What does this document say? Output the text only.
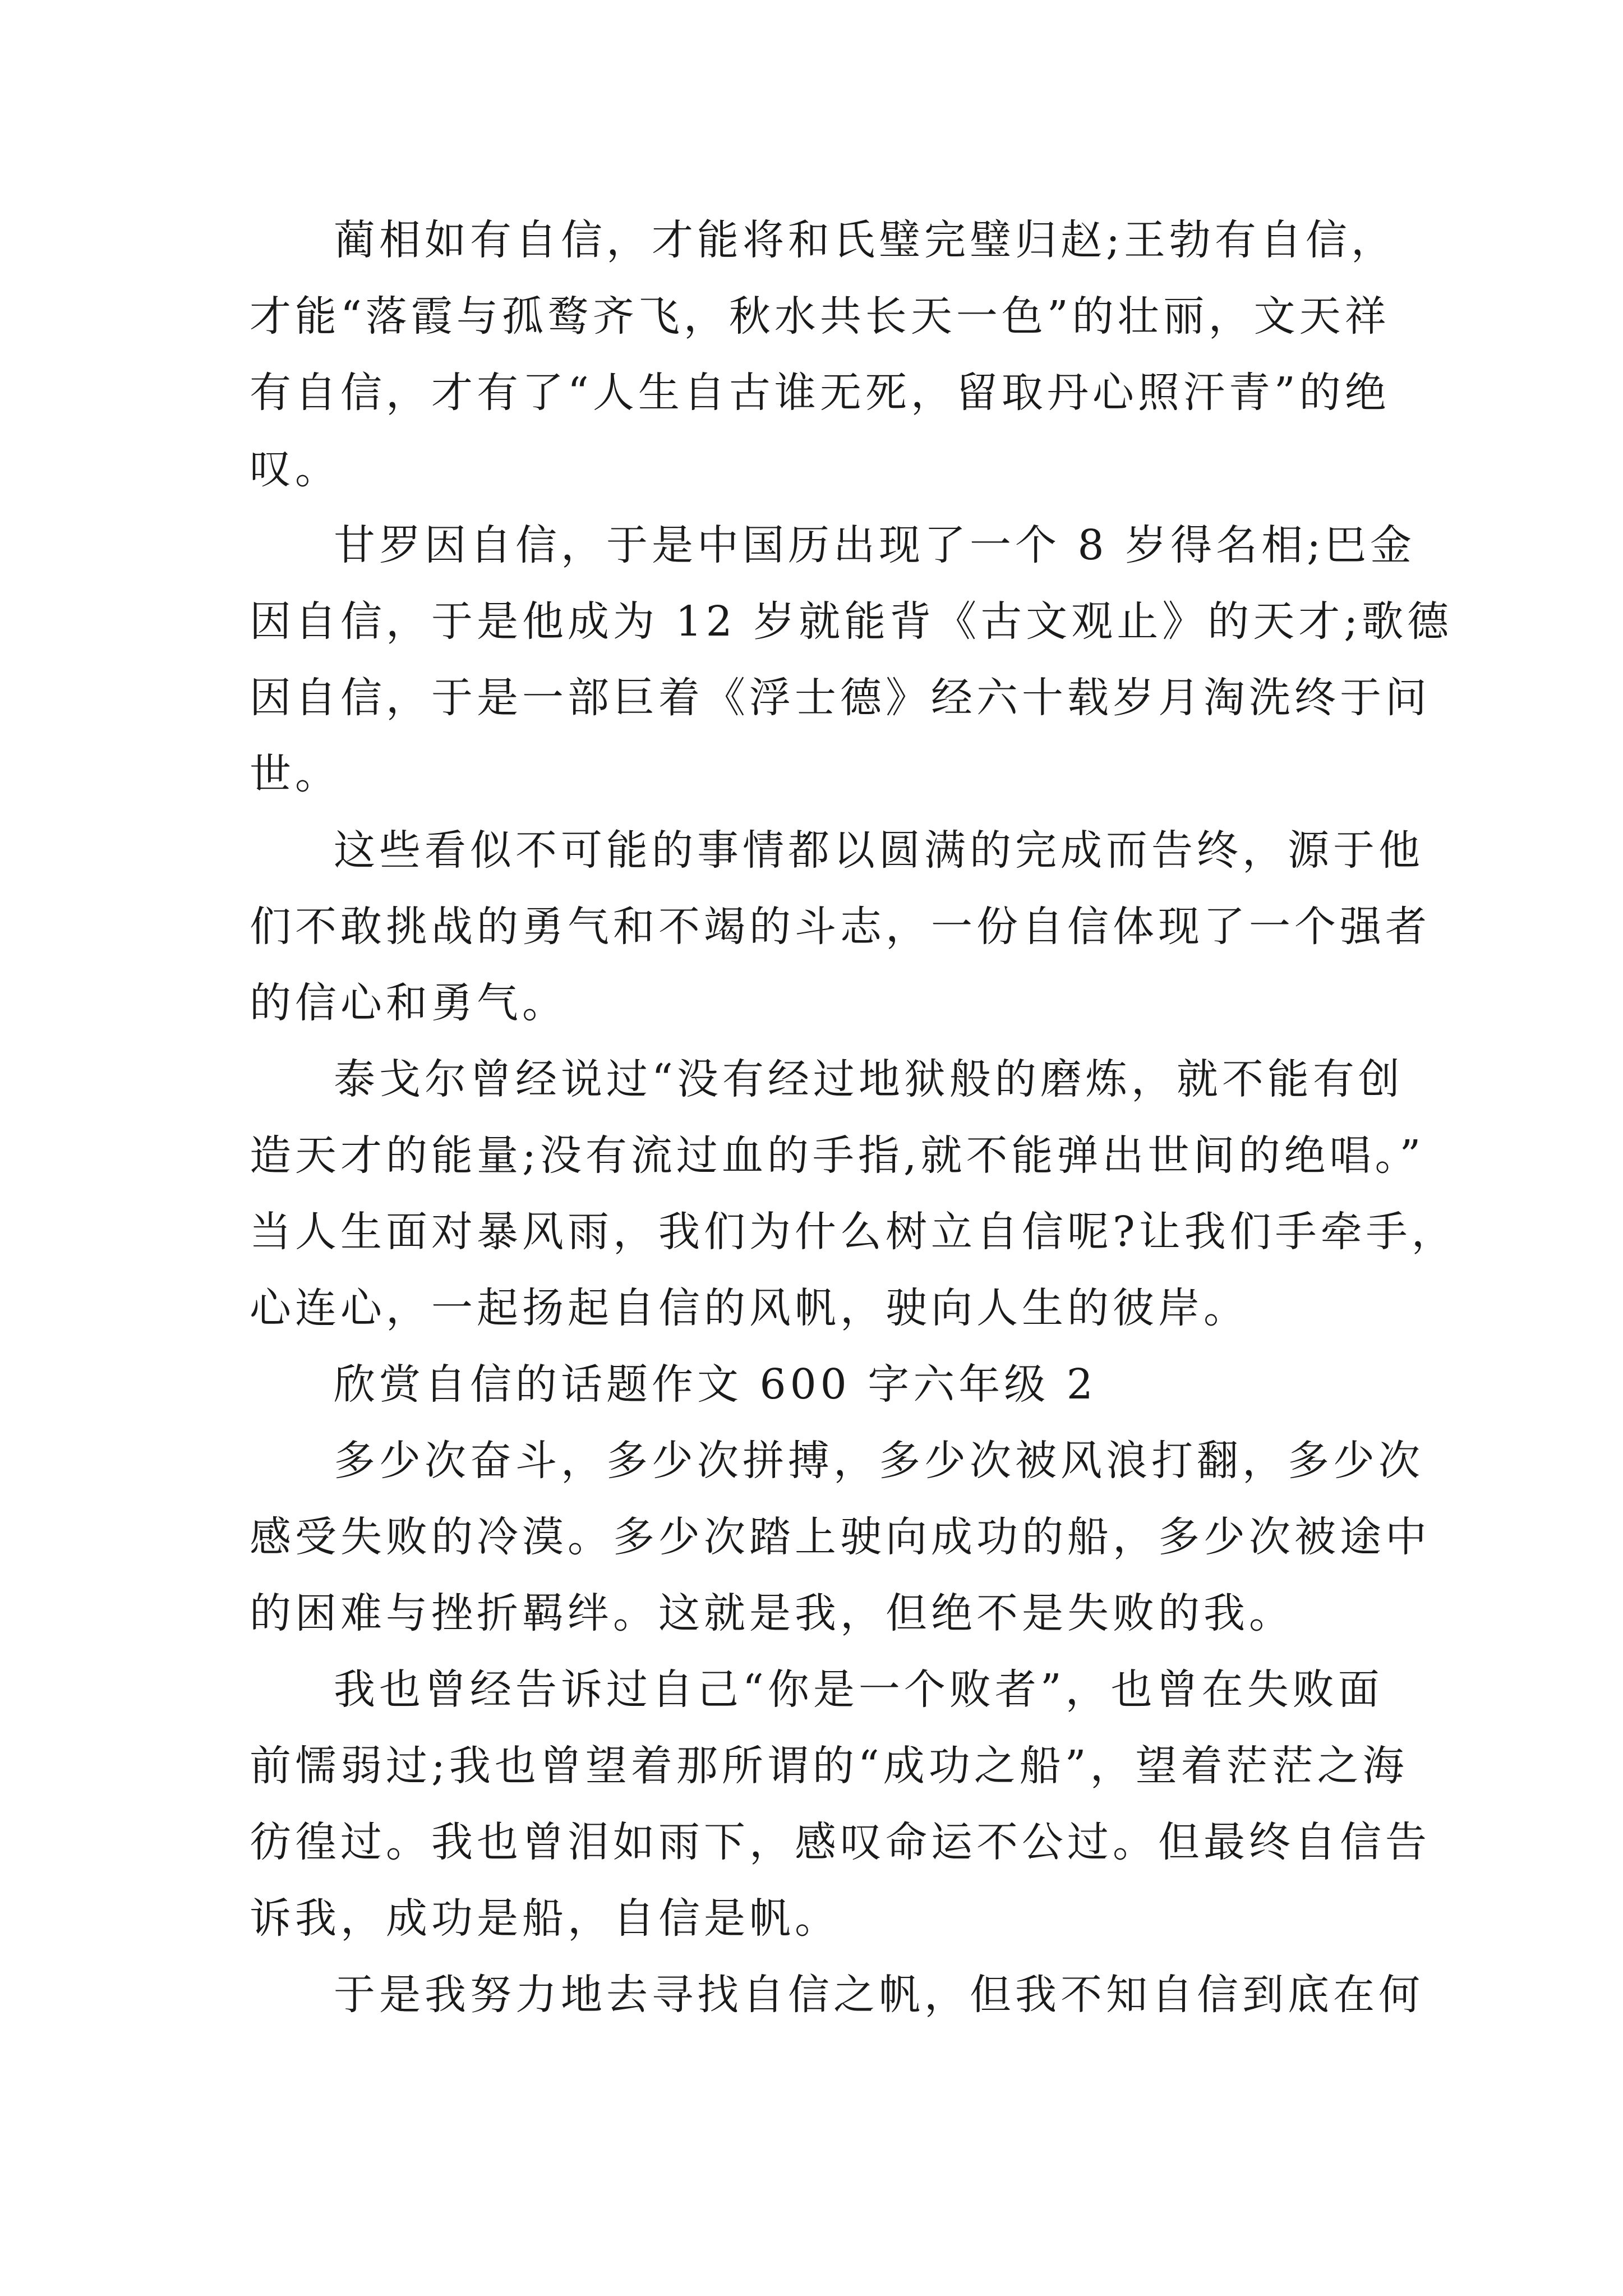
蔺相如有自信，才能将和氏璧完璧归赵;王勃有自信，
才能“落霞与孤鹜齐飞，秋水共长天一色”的壮丽，文天祥
有自信，才有了“人生自古谁无死，留取丹心照汗青”的绝
叹。
甘罗因自信，于是中国历出现了一个 8 岁得名相;巴金
因自信，于是他成为 12 岁就能背《古文观止》的天才;歌德
因自信，于是一部巨着《浮士德》经六十载岁月淘洗终于问
世。
这些看似不可能的事情都以圆满的完成而告终，源于他
们不敢挑战的勇气和不竭的斗志，一份自信体现了一个强者
的信心和勇气。
泰戈尔曾经说过“没有经过地狱般的磨炼，就不能有创
造天才的能量;没有流过血的手指,就不能弹出世间的绝唱。”
当人生面对暴风雨，我们为什么树立自信呢?让我们手牵手，
心连心，一起扬起自信的风帆，驶向人生的彼岸。
欣赏自信的话题作文 600 字六年级 2
多少次奋斗，多少次拼搏，多少次被风浪打翻，多少次
感受失败的冷漠。多少次踏上驶向成功的船，多少次被途中
的困难与挫折羁绊。这就是我，但绝不是失败的我。
我也曾经告诉过自己“你是一个败者”，也曾在失败面
前懦弱过;我也曾望着那所谓的“成功之船”，望着茫茫之海
彷徨过。我也曾泪如雨下，感叹命运不公过。但最终自信告
诉我，成功是船，自信是帆。
于是我努力地去寻找自信之帆，但我不知自信到底在何
